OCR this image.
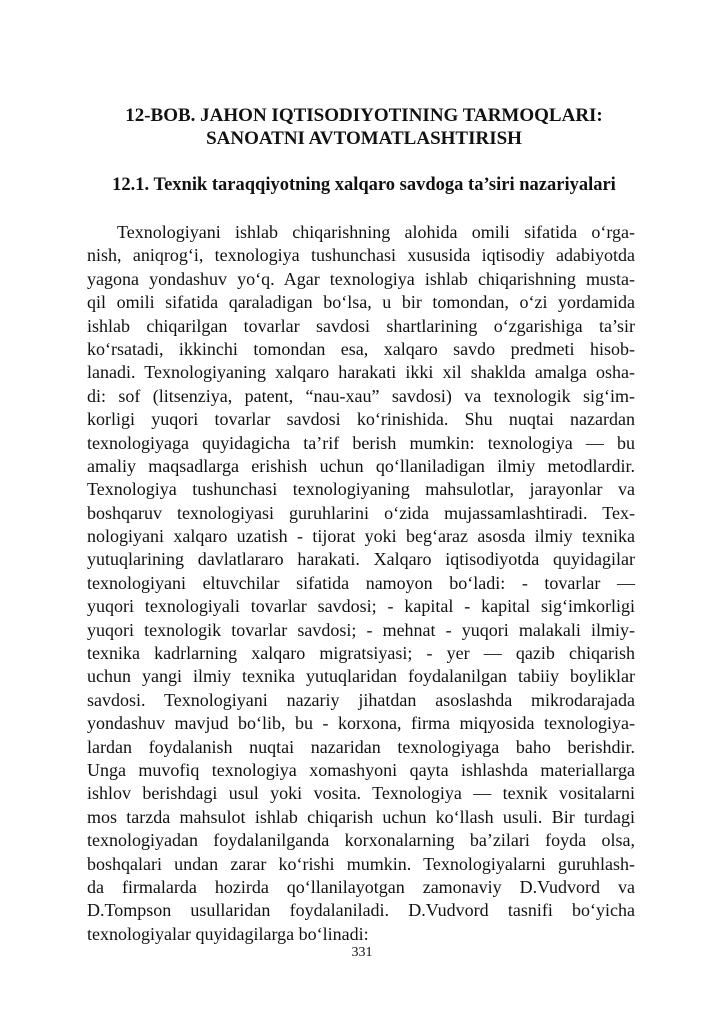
12-BOB. JAHON IQTISODIYOTINING TARMOQLARI:
SANOATNI AVTOMATLASHTIRISH
12.1. Texnik taraqqiyotning xalqaro savdoga ta’siri nazariyalari
Texnologiyani ishlab chiqarishning alohida omili sifatida o‘rga-
nish, aniqrog‘i, texnologiya tushunchasi xususida iqtisodiy adabiyotda
yagona yondashuv yo‘q. Agar texnologiya ishlab chiqarishning musta-
qil omili sifatida qaraladigan bo‘lsa, u bir tomondan, o‘zi yordamida
ishlab chiqarilgan tovarlar savdosi shartlarining o‘zgarishiga ta’sir
ko‘rsatadi, ikkinchi tomondan esa, xalqaro savdo predmeti hisob-
lanadi. Texnologiyaning xalqaro harakati ikki xil shaklda amalga osha-
di: sof (litsenziya, patent, “nau-xau” savdosi) va texnologik sig‘im-
korligi yuqori tovarlar savdosi ko‘rinishida. Shu nuqtai nazardan
texnologiyaga quyidagicha ta’rif berish mumkin: texnologiya — bu
amaliy maqsadlarga erishish uchun qo‘llaniladigan ilmiy metodlardir.
Texnologiya tushunchasi texnologiyaning mahsulotlar, jarayonlar va
boshqaruv texnologiyasi guruhlarini o‘zida mujassamlashtiradi. Tex-
nologiyani xalqaro uzatish - tijorat yoki beg‘araz asosda ilmiy texnika
yutuqlarining davlatlararo harakati. Xalqaro iqtisodiyotda quyidagilar
texnologiyani eltuvchilar sifatida namoyon bo‘ladi: - tovarlar —
yuqori texnologiyali tovarlar savdosi; - kapital - kapital sig‘imkorligi
yuqori texnologik tovarlar savdosi; - mehnat - yuqori malakali ilmiy-
texnika kadrlarning xalqaro migratsiyasi; - yer — qazib chiqarish
uchun yangi ilmiy texnika yutuqlaridan foydalanilgan tabiiy boyliklar
savdosi. Texnologiyani nazariy jihatdan asoslashda mikrodarajada
yondashuv mavjud bo‘lib, bu - korxona, firma miqyosida texnologiya-
lardan foydalanish nuqtai nazaridan texnologiyaga baho berishdir.
Unga muvofiq texnologiya xomashyoni qayta ishlashda materiallarga
ishlov berishdagi usul yoki vosita. Texnologiya — texnik vositalarni
mos tarzda mahsulot ishlab chiqarish uchun ko‘llash usuli. Bir turdagi
texnologiyadan foydalanilganda korxonalarning ba’zilari foyda olsa,
boshqalari undan zarar ko‘rishi mumkin. Texnologiyalarni guruhlash-
da firmalarda hozirda qo‘llanilayotgan zamonaviy D.Vudvord va
D.Tompson usullaridan foydalaniladi. D.Vudvord tasnifi bo‘yicha
texnologiyalar quyidagilarga bo‘linadi:
331
